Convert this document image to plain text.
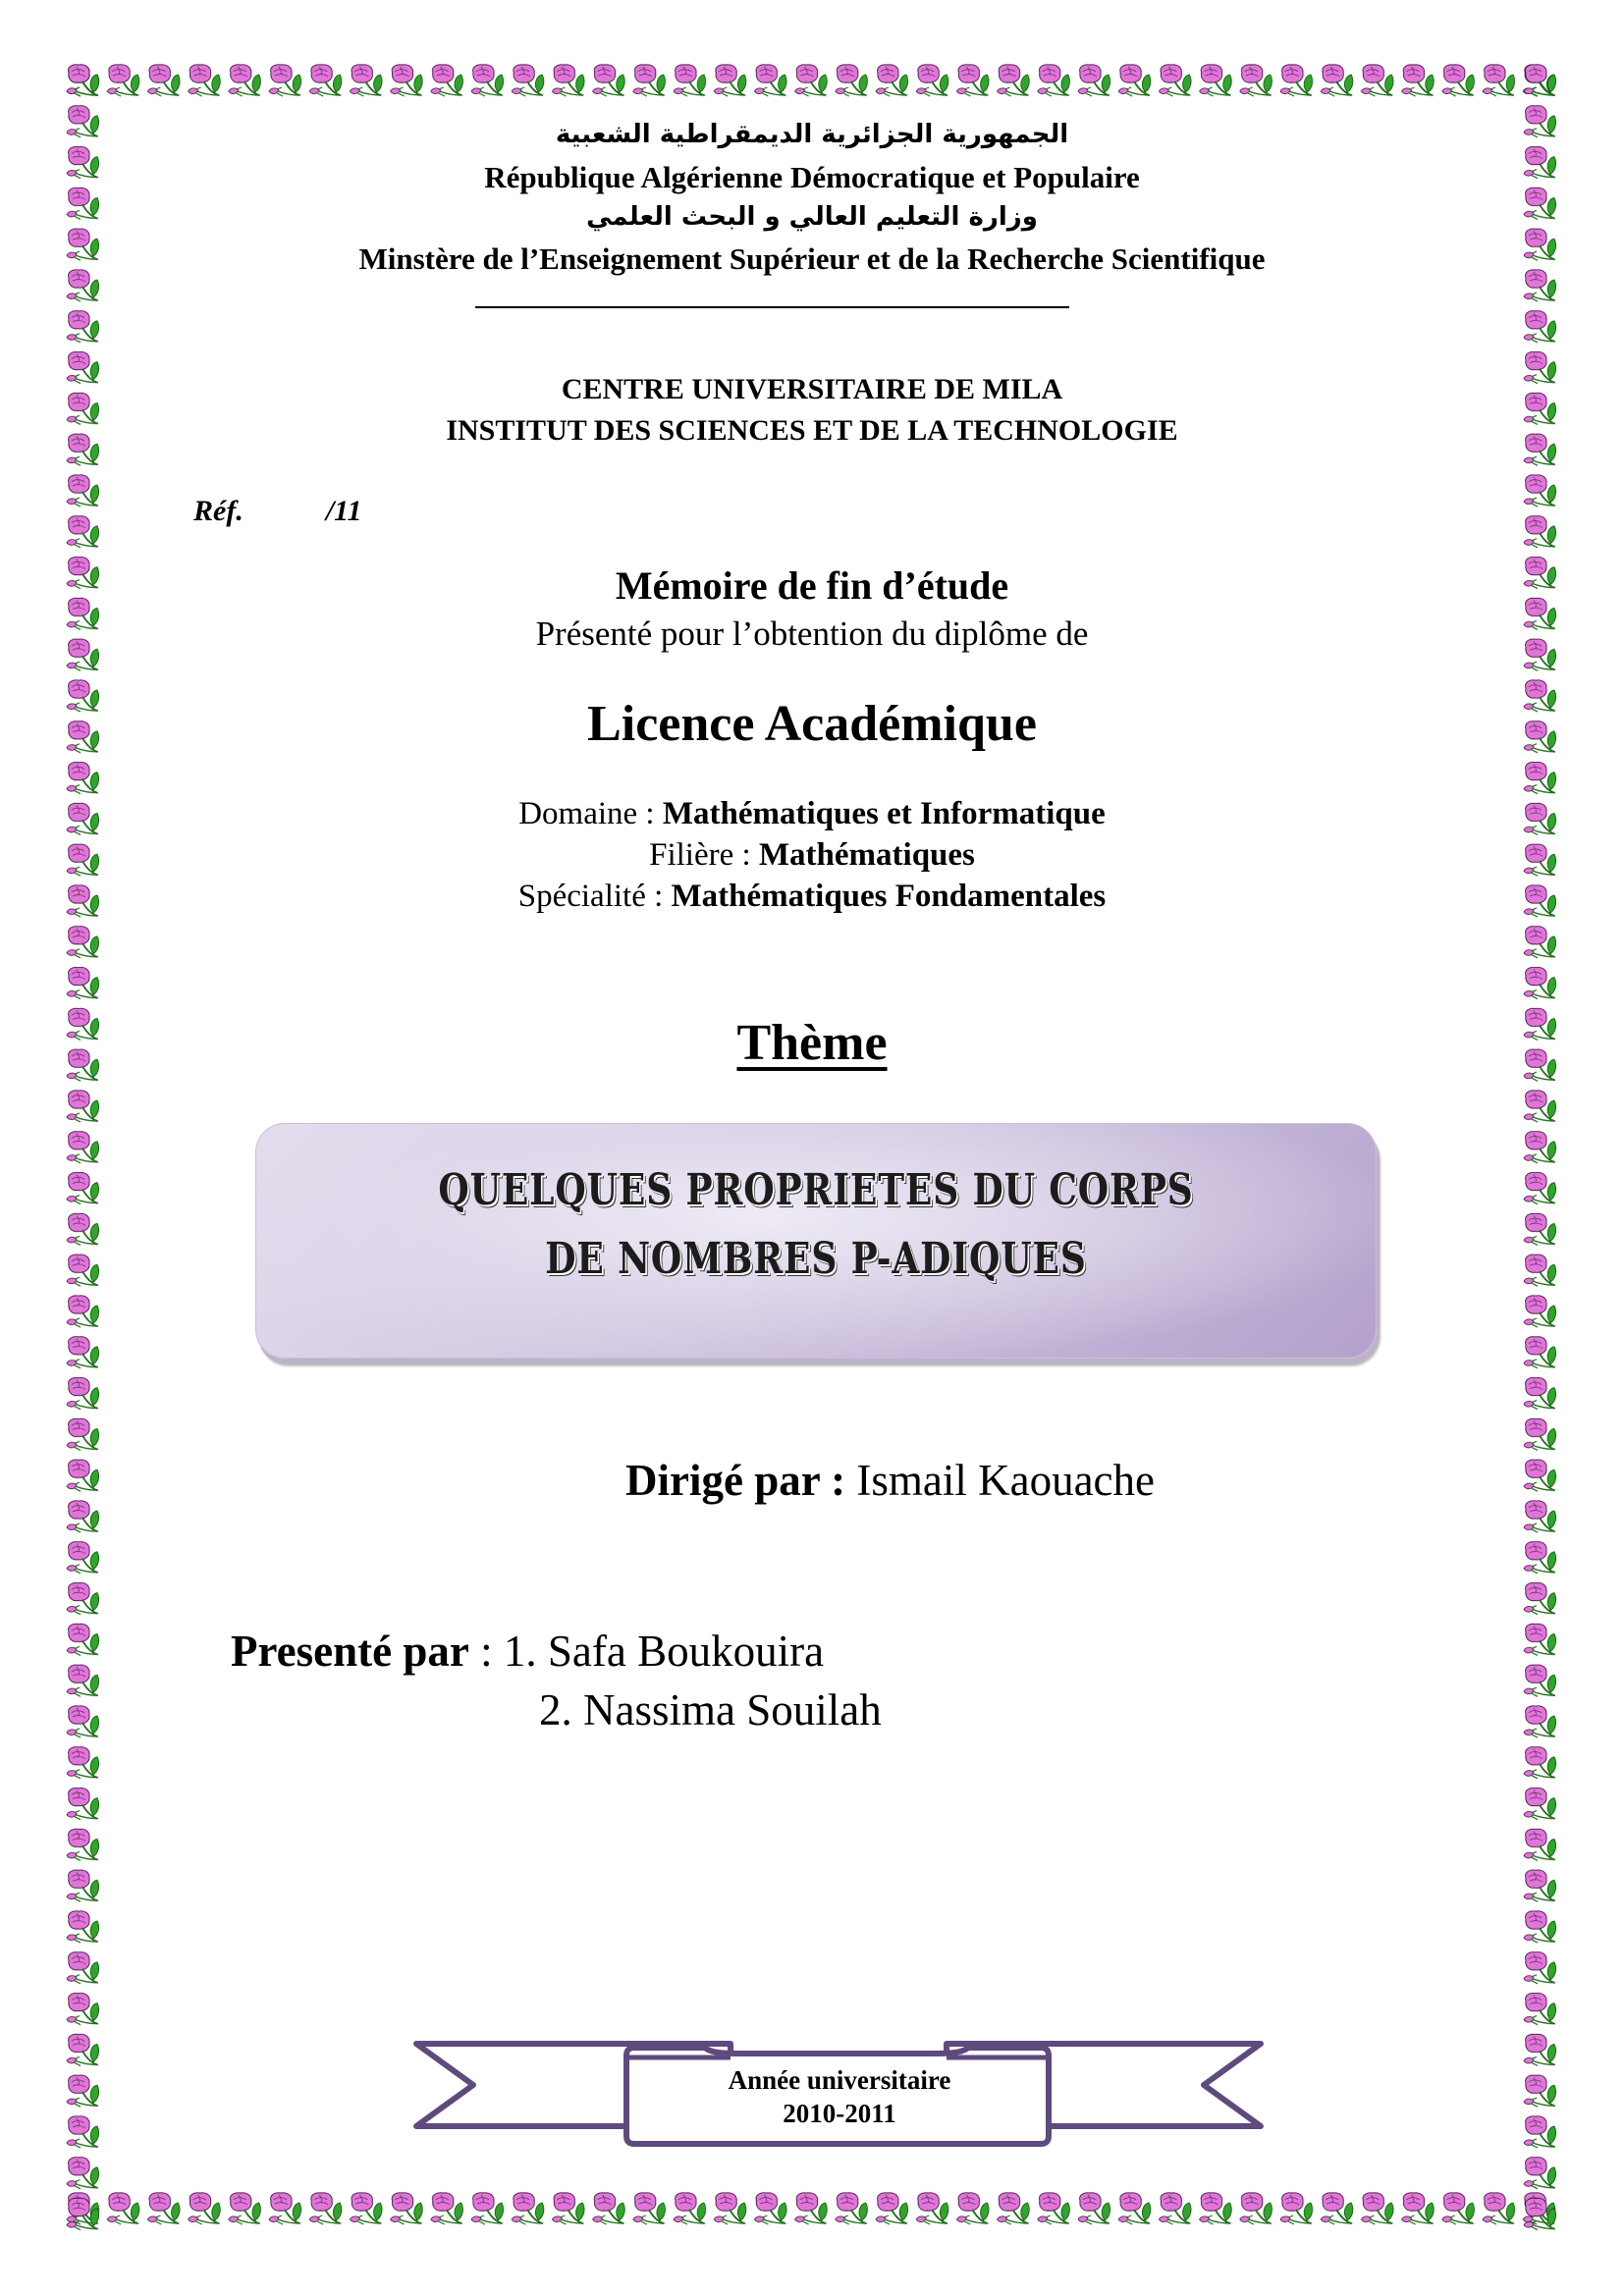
الجمهورية الجزائرية الديمقراطية الشعبية
République Algérienne Démocratique et Populaire
وزارة التعليم العالي و البحث العلمي
Minstère de l’Enseignement Supérieur et de la Recherche Scientifique
CENTRE UNIVERSITAIRE DE MILA
INSTITUT DES SCIENCES ET DE LA TECHNOLOGIE
Réf.	/11
Mémoire de fin d’étude
Présenté pour l’obtention du diplôme de
Licence Académique
Domaine : Mathématiques et Informatique
Filière : Mathématiques
Spécialité : Mathématiques Fondamentales
Thème
QUELQUES PROPRIETES DU CORPS
DE NOMBRES P-ADIQUES
Dirigé par : Ismail Kaouache
Presenté par : 1. Safa Boukouira
2. Nassima Souilah
Année universitaire
2010-2011
